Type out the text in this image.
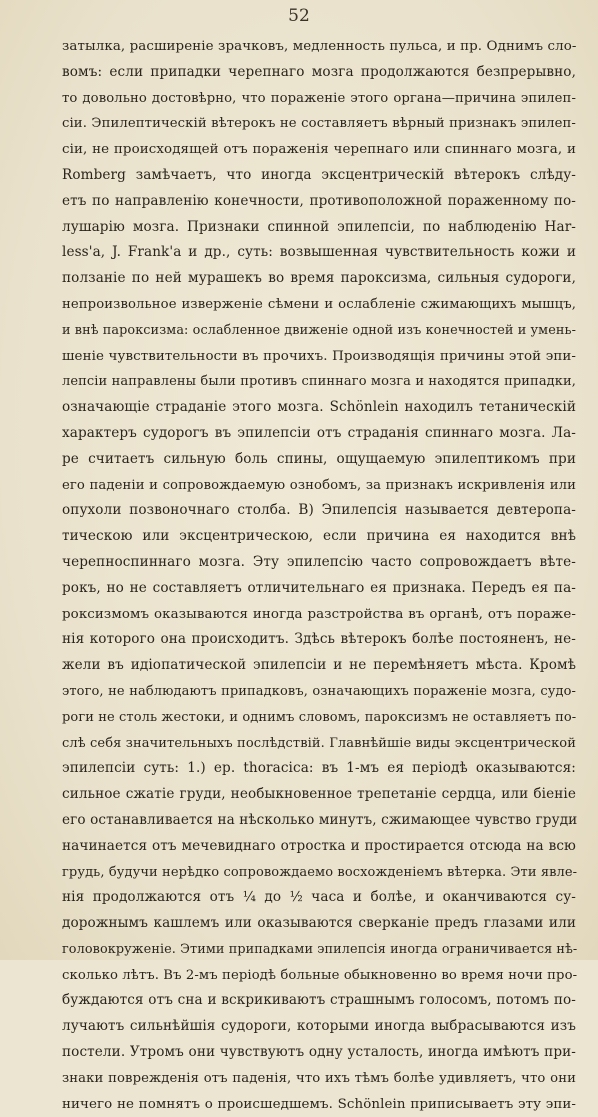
52
затылка, расширеніе зрачковъ, медленность пульса, и пр. Однимъ сло-
вомъ: если припадки черепнаго мозга продолжаются безпрерывно,
то довольно достовѣрно, что пораженіе этого органа—причина эпилеп-
сіи. Эпилептическій вѣтерокъ не составляетъ вѣрный признакъ эпилеп-
сіи, не происходящей отъ пораженія черепнаго или спиннаго мозга, и
Romberg замѣчаетъ, что иногда эксцентрическій вѣтерокъ слѣду-
етъ по направленію конечности, противоположной пораженному по-
лушарію мозга. Признаки спинной эпилепсіи, по наблюденію Har-
less'a, J. Frank'a и др., суть: возвышенная чувствительность кожи и
ползаніе по ней мурашекъ во время пароксизма, сильныя судороги,
непроизвольное изверженіе сѣмени и ослабленіе сжимающихъ мышцъ,
и внѣ пароксизма: ослабленное движеніе одной изъ конечностей и умень-
шеніе чувствительности въ прочихъ. Производящія причины этой эпи-
лепсіи направлены были противъ спиннаго мозга и находятся припадки,
означающіе страданіе этого мозга. Schönlein находилъ тетаническій
характеръ судорогъ въ эпилепсіи отъ страданія спиннаго мозга. Ла-
ре считаетъ сильную боль спины, ощущаемую эпилептикомъ при
его паденіи и сопровождаемую ознобомъ, за признакъ искривленія или
опухоли позвоночнаго столба. В) Эпилепсія называется девтеропа-
тическою или эксцентрическою, если причина ея находится внѣ
черепноспиннаго мозга. Эту эпилепсію часто сопровождаетъ вѣте-
рокъ, но не составляетъ отличительнаго ея признака. Передъ ея па-
роксизмомъ оказываются иногда разстройства въ органѣ, отъ пораже-
нія которого она происходитъ. Здѣсь вѣтерокъ болѣе постояненъ, не-
жели въ идіопатической эпилепсіи и не перемѣняетъ мѣста. Кромѣ
этого, не наблюдаютъ припадковъ, означающихъ пораженіе мозга, судо-
роги не столь жестоки, и однимъ словомъ, пароксизмъ не оставляетъ по-
слѣ себя значительныхъ послѣдствій. Главнѣйшіе виды эксцентрической
эпилепсіи суть: 1.) ep. thoracica: въ 1-мъ ея періодѣ оказываются:
сильное сжатіе груди, необыкновенное трепетаніе сердца, или біеніе
его останавливается на нѣсколько минутъ, сжимающее чувство груди
начинается отъ мечевиднаго отростка и простирается отсюда на всю
грудь, будучи нерѣдко сопровождаемо восхожденіемъ вѣтерка. Эти явле-
нія продолжаются отъ ¼ до ½ часа и болѣе, и оканчиваются су-
дорожнымъ кашлемъ или оказываются сверканіе предъ глазами или
головокруженіе. Этими припадками эпилепсія иногда ограничивается нѣ-
сколько лѣтъ. Въ 2-мъ періодѣ больные обыкновенно во время ночи про-
буждаются отъ сна и вскрикиваютъ страшнымъ голосомъ, потомъ по-
лучаютъ сильнѣйшія судороги, которыми иногда выбрасываются изъ
постели. Утромъ они чувствуютъ одну усталость, иногда имѣютъ при-
знаки поврежденія отъ паденія, что ихъ тѣмъ болѣе удивляетъ, что они
ничего не помнятъ о происшедшемъ. Schönlein приписываетъ эту эпи-
